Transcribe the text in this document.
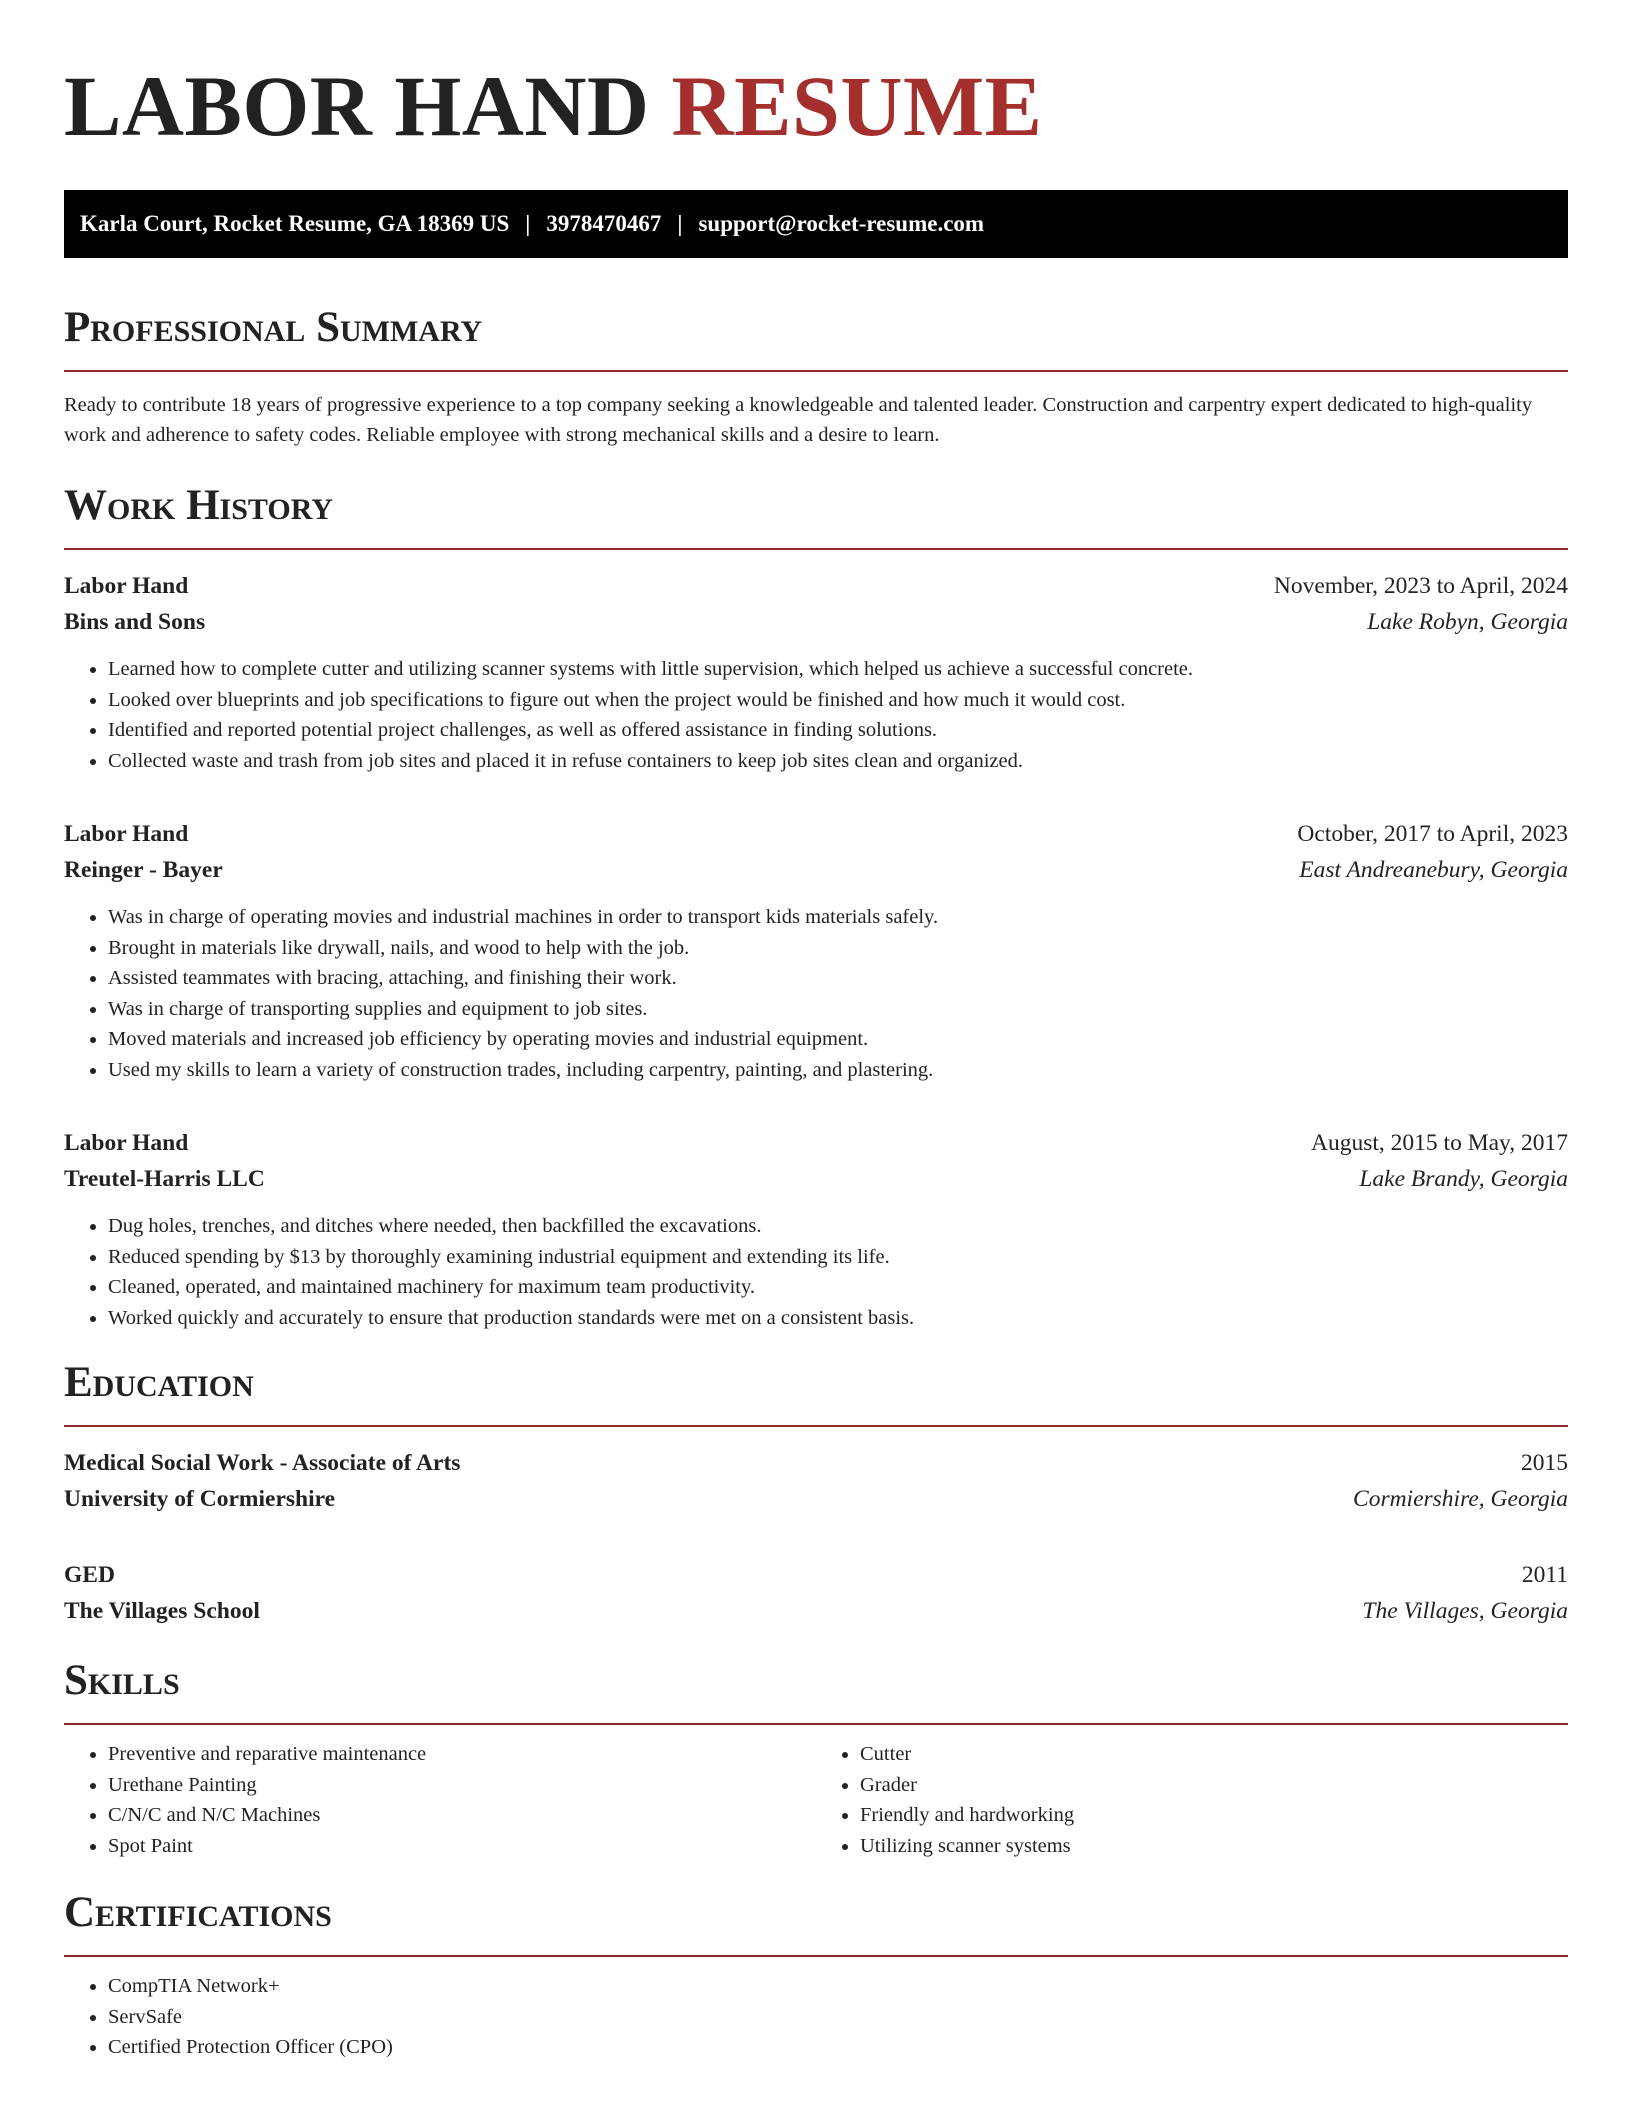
LABOR HAND RESUME
Karla Court, Rocket Resume, GA 18369 US | 3978470467 | support@rocket-resume.com
Professional Summary

Ready to contribute 18 years of progressive experience to a top company seeking a knowledgeable and talented leader. Construction and carpentry expert dedicated to high-quality work and adherence to safety codes. Reliable employee with strong mechanical skills and a desire to learn.

Work History
Labor Hand	November, 2023 to April, 2024
Bins and Sons	Lake Robyn, Georgia
• Learned how to complete cutter and utilizing scanner systems with little supervision, which helped us achieve a successful concrete.
• Looked over blueprints and job specifications to figure out when the project would be finished and how much it would cost.
• Identified and reported potential project challenges, as well as offered assistance in finding solutions.
• Collected waste and trash from job sites and placed it in refuse containers to keep job sites clean and organized.
Labor Hand	October, 2017 to April, 2023
Reinger - Bayer	East Andreanebury, Georgia
• Was in charge of operating movies and industrial machines in order to transport kids materials safely.
• Brought in materials like drywall, nails, and wood to help with the job.
• Assisted teammates with bracing, attaching, and finishing their work.
• Was in charge of transporting supplies and equipment to job sites.
• Moved materials and increased job efficiency by operating movies and industrial equipment.
• Used my skills to learn a variety of construction trades, including carpentry, painting, and plastering.
Labor Hand	August, 2015 to May, 2017
Treutel-Harris LLC	Lake Brandy, Georgia
• Dug holes, trenches, and ditches where needed, then backfilled the excavations.
• Reduced spending by $13 by thoroughly examining industrial equipment and extending its life.
• Cleaned, operated, and maintained machinery for maximum team productivity.
• Worked quickly and accurately to ensure that production standards were met on a consistent basis.
Education
Medical Social Work - Associate of Arts	2015
University of Cormiershire	Cormiershire, Georgia
GED	2011
The Villages School	The Villages, Georgia
Skills
• Preventive and reparative maintenance
• Urethane Painting
• C/N/C and N/C Machines
• Spot Paint
• Cutter
• Grader
• Friendly and hardworking
• Utilizing scanner systems
Certifications
• CompTIA Network+
• ServSafe
• Certified Protection Officer (CPO)
